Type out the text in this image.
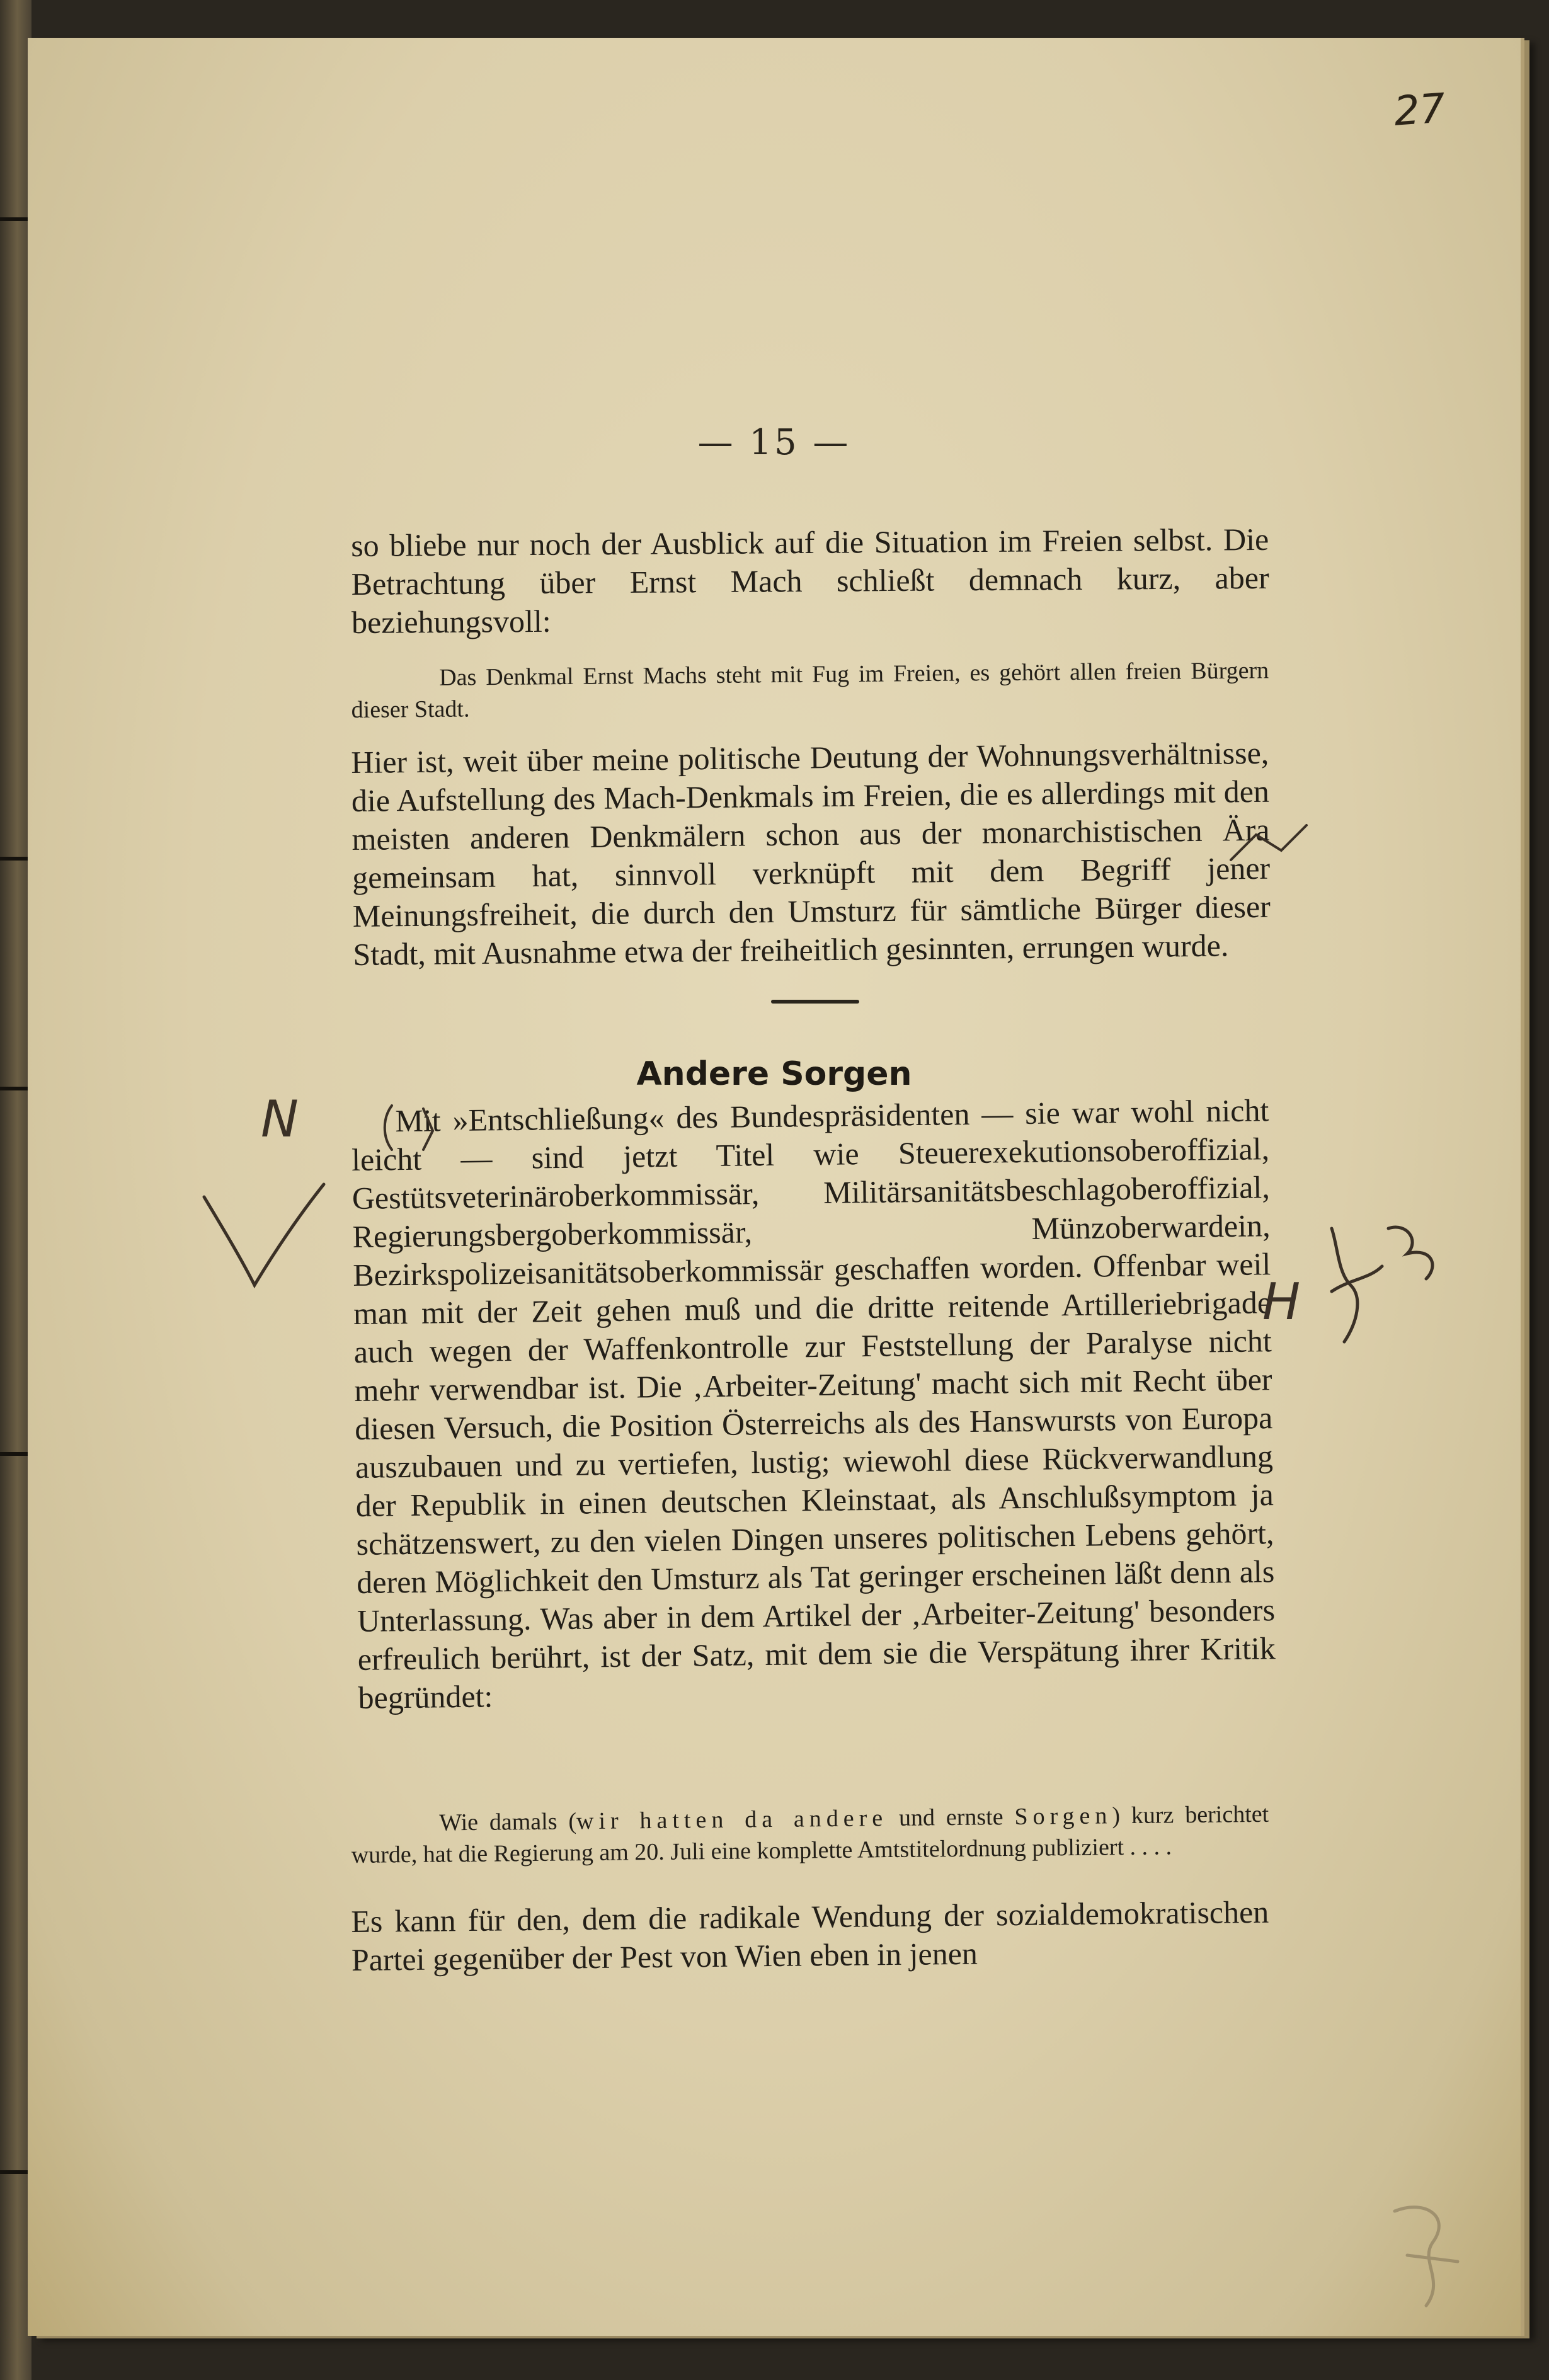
27
— 15 —

so bliebe nur noch der Ausblick auf die Situation im Freien selbst. Die Betrachtung über Ernst Mach schließt demnach kurz, aber beziehungsvoll:

Das Denkmal Ernst Machs steht mit Fug im Freien, es gehört allen freien Bürgern dieser Stadt.

Hier ist, weit über meine politische Deutung der Wohnungsverhältnisse, die Aufstellung des Mach-Denkmals im Freien, die es allerdings mit den meisten anderen Denkmälern schon aus der monarchistischen Ära gemeinsam hat, sinnvoll verknüpft mit dem Begriff jener Meinungsfreiheit, die durch den Umsturz für sämtliche Bürger dieser Stadt, mit Ausnahme etwa der freiheitlich gesinnten, errungen wurde.

Andere Sorgen

Mit »Entschließung« des Bundespräsidenten — sie war wohl nicht leicht — sind jetzt Titel wie Steuerexekutionsoberoffizial, Gestütsveterinäroberkommissär, Militärsanitätsbeschlagoberoffizial, Regierungsbergoberkommissär, Münzoberwardein, Bezirkspolizeisanitätsoberkommissär geschaffen worden. Offenbar weil man mit der Zeit gehen muß und die dritte reitende Artilleriebrigade auch wegen der Waffenkontrolle zur Feststellung der Paralyse nicht mehr verwendbar ist. Die ‚Arbeiter-Zeitung' macht sich mit Recht über diesen Versuch, die Position Österreichs als des Hanswursts von Europa auszubauen und zu vertiefen, lustig; wiewohl diese Rückverwandlung der Republik in einen deutschen Kleinstaat, als Anschlußsymptom ja schätzenswert, zu den vielen Dingen unseres politischen Lebens gehört, deren Möglichkeit den Umsturz als Tat geringer erscheinen läßt denn als Unterlassung. Was aber in dem Artikel der ‚Arbeiter-Zeitung' besonders erfreulich berührt, ist der Satz, mit dem sie die Verspätung ihrer Kritik begründet:

Wie damals (wir hatten da andere und ernste Sorgen) kurz berichtet wurde, hat die Regierung am 20. Juli eine komplette Amtstitelordnung publiziert . . . .

Es kann für den, dem die radikale Wendung der sozialdemokratischen Partei gegenüber der Pest von Wien eben in jenen

N
H
